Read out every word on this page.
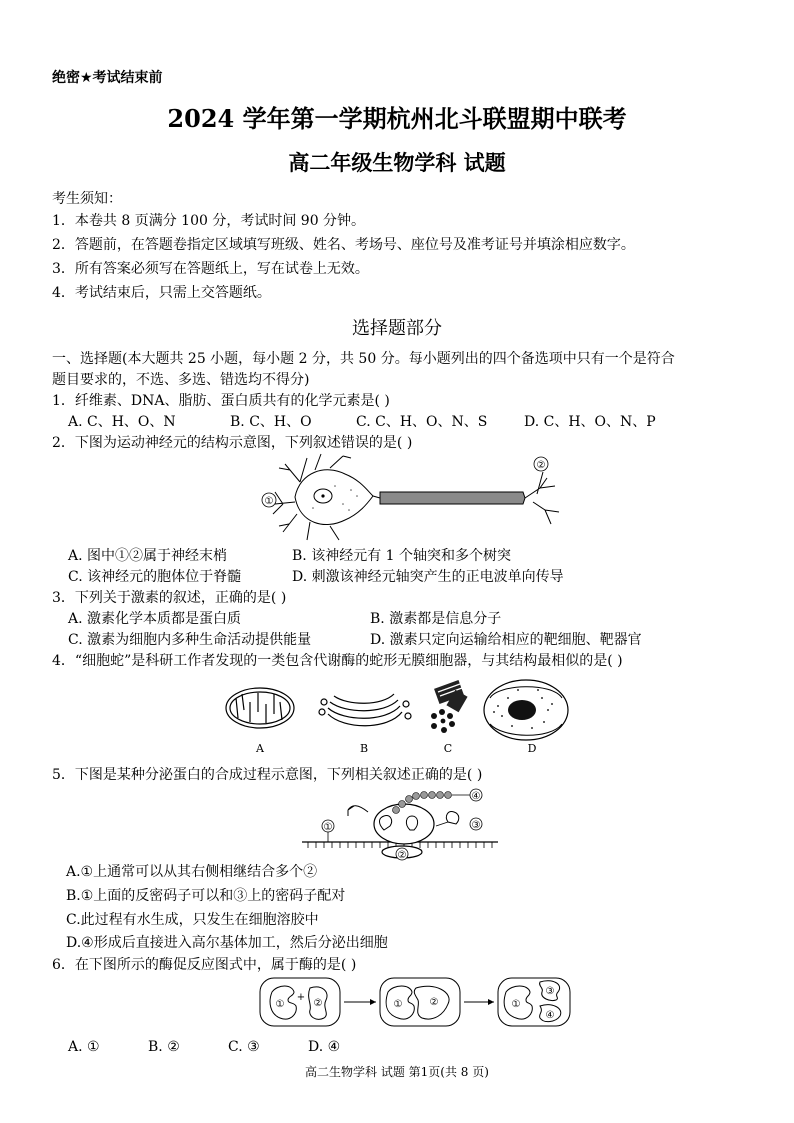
绝密★考试结束前
2024 学年第一学期杭州北斗联盟期中联考
高二年级生物学科 试题
考生须知：
1．本卷共 8 页满分 100 分，考试时间 90 分钟。
2．答题前，在答题卷指定区域填写班级、姓名、考场号、座位号及准考证号并填涂相应数字。
3．所有答案必须写在答题纸上，写在试卷上无效。
4．考试结束后，只需上交答题纸。
选择题部分
一、选择题(本大题共 25 小题，每小题 2 分，共 50 分。每小题列出的四个备选项中只有一个是符合
题目要求的，不选、多选、错选均不得分)
1．纤维素、DNA、脂肪、蛋白质共有的化学元素是( )
A. C、H、O、N	B. C、H、O	C. C、H、O、N、S	D. C、H、O、N、P
2．下图为运动神经元的结构示意图，下列叙述错误的是( )
①
②
A. 图中①②属于神经末梢	B. 该神经元有 1 个轴突和多个树突
C. 该神经元的胞体位于脊髓	D. 刺激该神经元轴突产生的正电波单向传导
3．下列关于激素的叙述，正确的是( )
A. 激素化学本质都是蛋白质	B. 激素都是信息分子
C. 激素为细胞内多种生命活动提供能量	D. 激素只定向运输给相应的靶细胞、靶器官
4．“细胞蛇”是科研工作者发现的一类包含代谢酶的蛇形无膜细胞器，与其结构最相似的是( )
A	B	C	D
5．下图是某种分泌蛋白的合成过程示意图，下列相关叙述正确的是( )
①
②
③
④
A.①上通常可以从其右侧相继结合多个②
B.①上面的反密码子可以和③上的密码子配对
C.此过程有水生成，只发生在细胞溶胶中
D.④形成后直接进入高尔基体加工，然后分泌出细胞
6．在下图所示的酶促反应图式中，属于酶的是( )
①
+
②	①	②	①
③
④
A. ①	B. ②	C. ③	D. ④
高二生物学科 试题 第1页(共 8 页)
